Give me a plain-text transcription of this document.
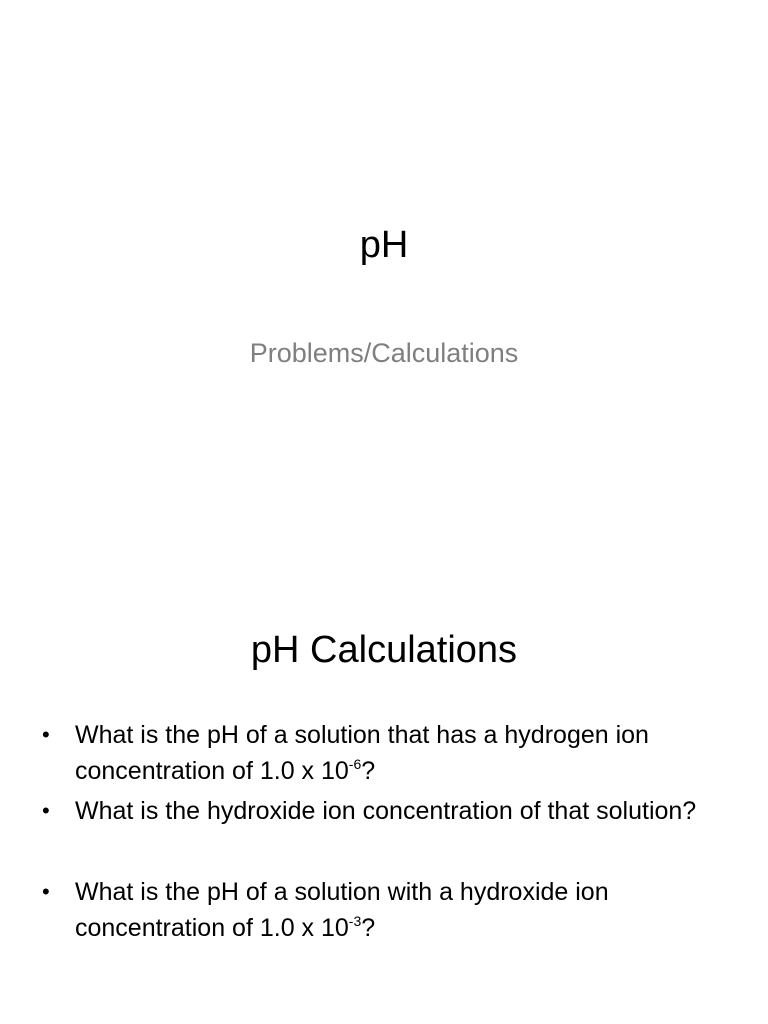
pH
Problems/Calculations
pH Calculations
• What is the pH of a solution that has a hydrogen ion concentration of 1.0 x $10^{-6}$?
• What is the hydroxide ion concentration of that solution?
• What is the pH of a solution with a hydroxide ion concentration of 1.0 x $10^{-3}$?
